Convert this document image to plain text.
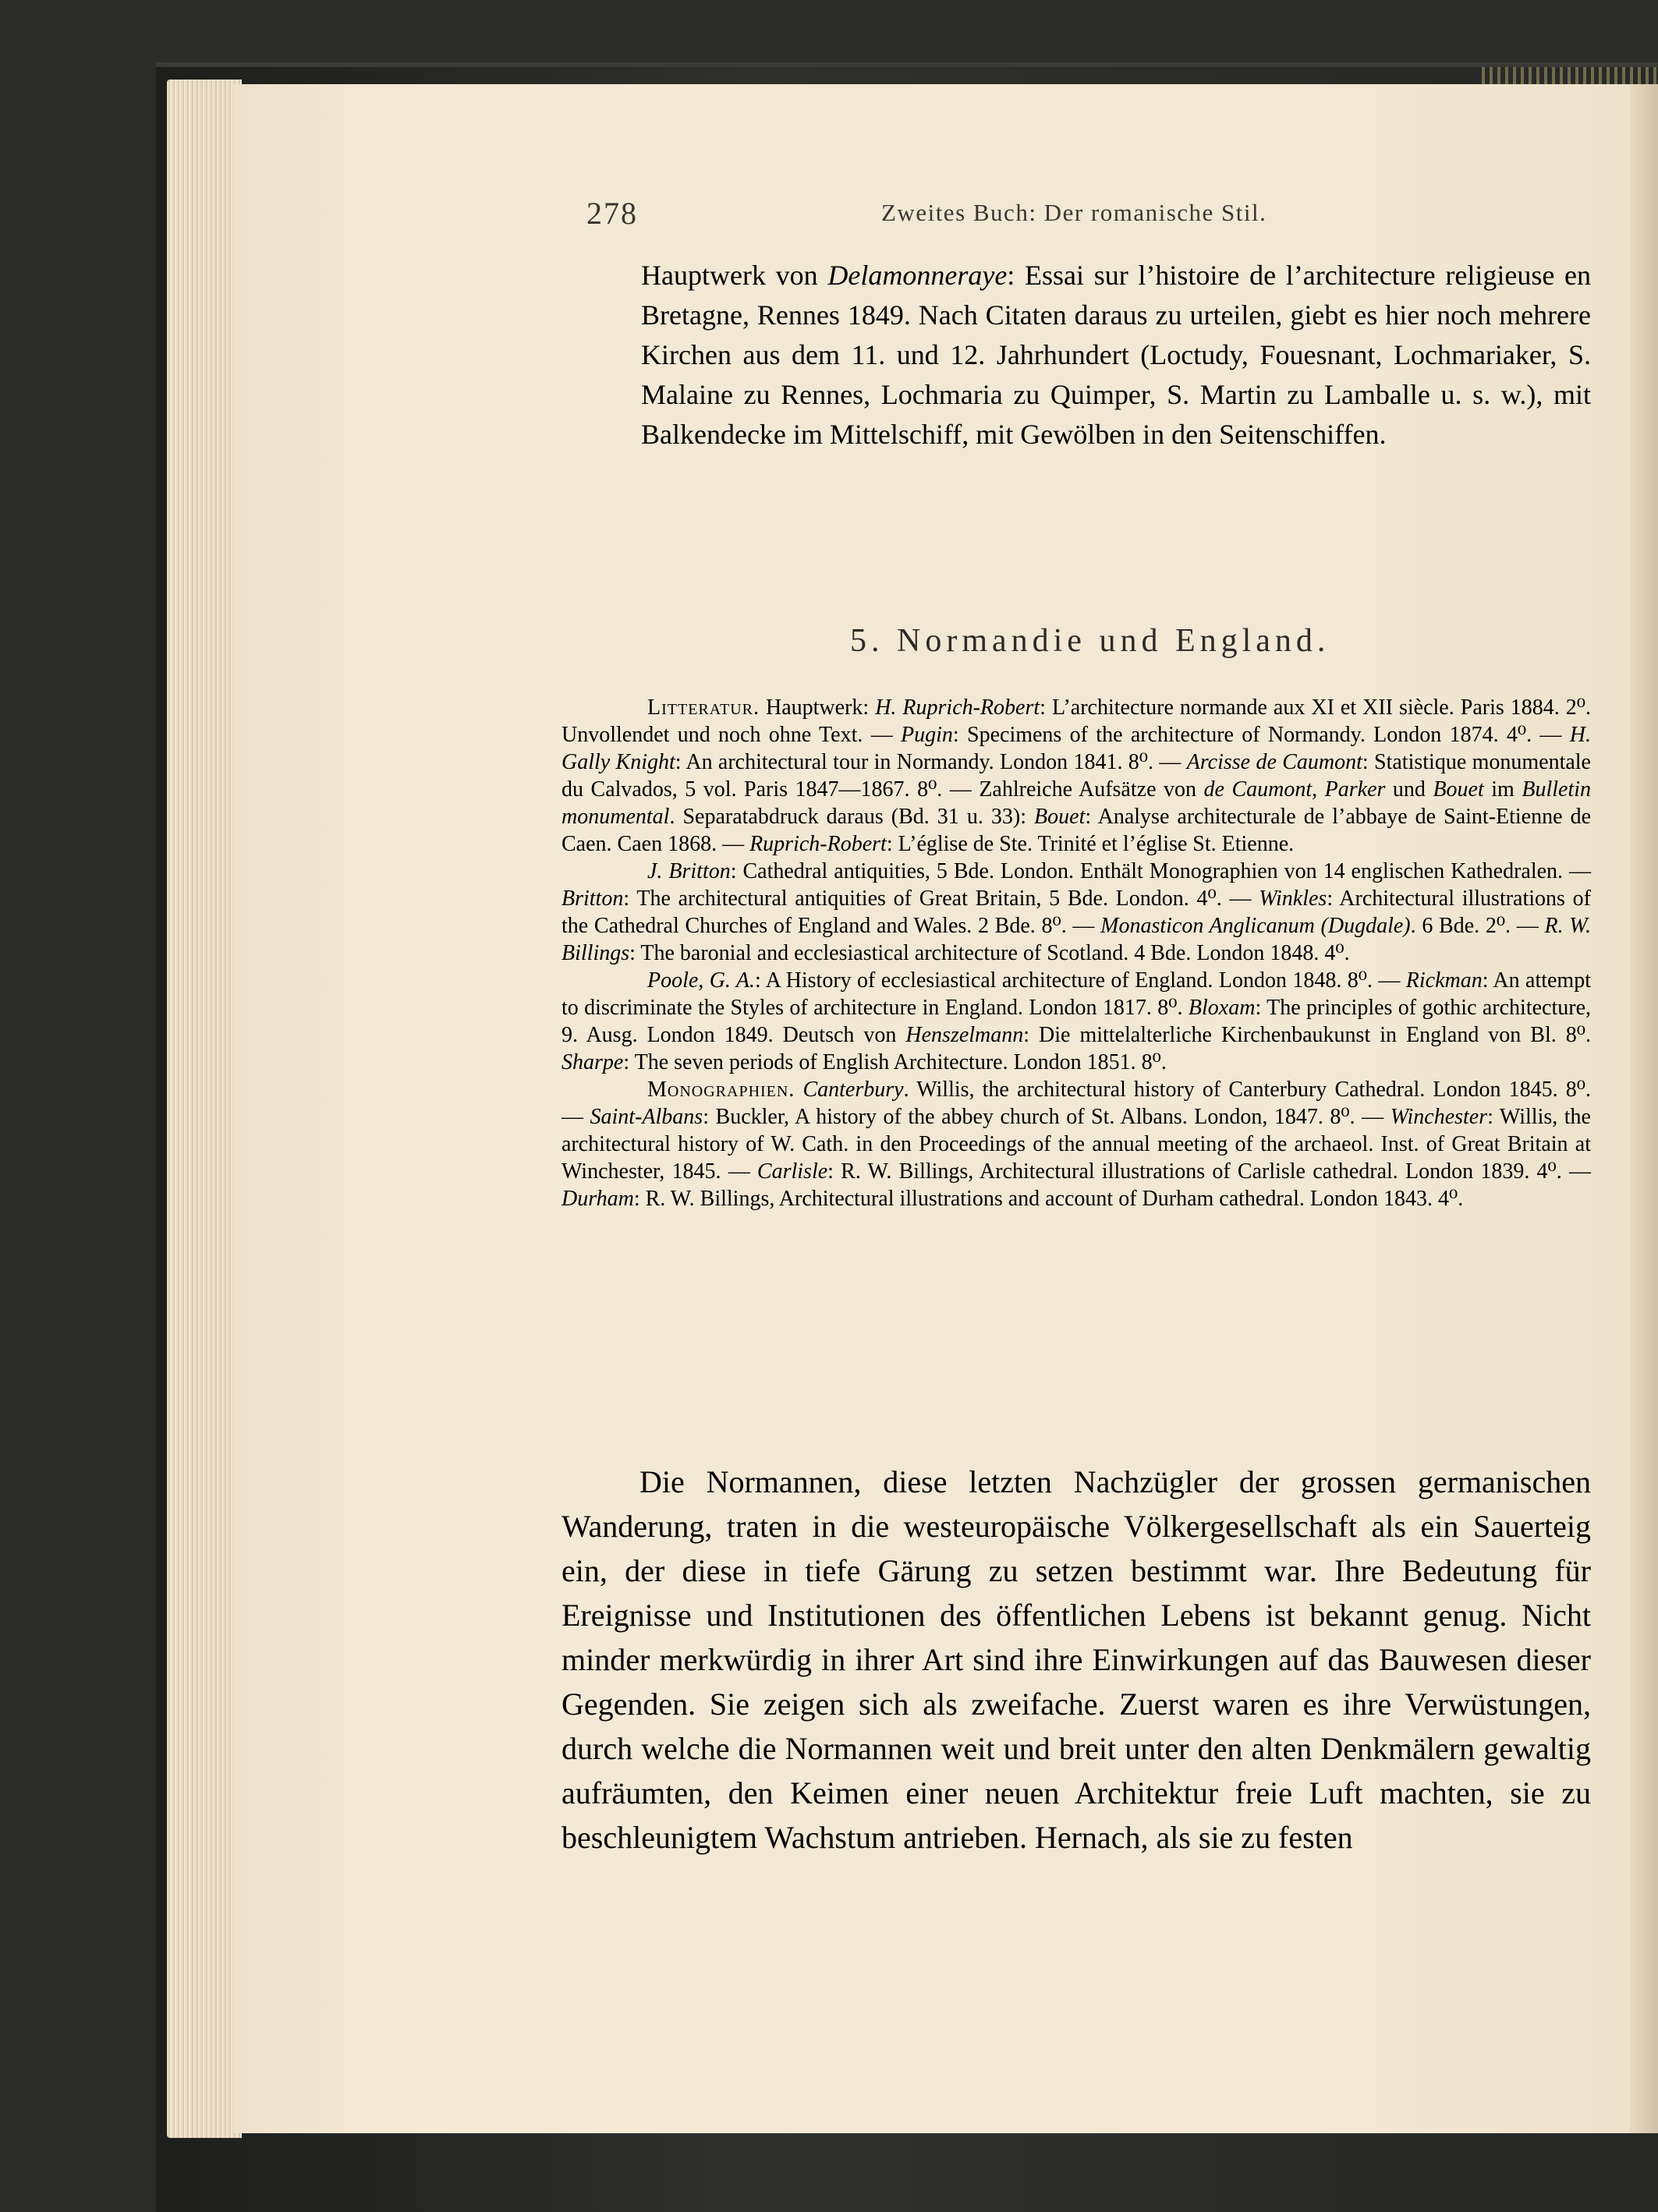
278	Zweites Buch: Der romanische Stil.
Hauptwerk von Delamonneraye: Essai sur l’histoire de l’architecture religieuse en Bretagne, Rennes 1849. Nach Citaten daraus zu urteilen, giebt es hier noch mehrere Kirchen aus dem 11. und 12. Jahrhundert (Loctudy, Fouesnant, Lochmariaker, S. Malaine zu Rennes, Lochmaria zu Quimper, S. Martin zu Lamballe u. s. w.), mit Balkendecke im Mittelschiff, mit Gewölben in den Seitenschiffen.
5. Normandie und England.

Litteratur. Hauptwerk: H. Ruprich-Robert: L’architecture normande aux XI et XII siècle. Paris 1884. 2⁰. Unvollendet und noch ohne Text. — Pugin: Specimens of the architecture of Normandy. London 1874. 4⁰. — H. Gally Knight: An architectural tour in Normandy. London 1841. 8⁰. — Arcisse de Caumont: Statistique monumentale du Calvados, 5 vol. Paris 1847—1867. 8⁰. — Zahlreiche Aufsätze von de Caumont, Parker und Bouet im Bulletin monumental. Separatabdruck daraus (Bd. 31 u. 33): Bouet: Analyse architecturale de l’abbaye de Saint-Etienne de Caen. Caen 1868. — Ruprich-Robert: L’église de Ste. Trinité et l’église St. Etienne.

J. Britton: Cathedral antiquities, 5 Bde. London. Enthält Monographien von 14 englischen Kathedralen. — Britton: The architectural antiquities of Great Britain, 5 Bde. London. 4⁰. — Winkles: Architectural illustrations of the Cathedral Churches of England and Wales. 2 Bde. 8⁰. — Monasticon Anglicanum (Dugdale). 6 Bde. 2⁰. — R. W. Billings: The baronial and ecclesiastical architecture of Scotland. 4 Bde. London 1848. 4⁰.

Poole, G. A.: A History of ecclesiastical architecture of England. London 1848. 8⁰. — Rickman: An attempt to discriminate the Styles of architecture in England. London 1817. 8⁰. Bloxam: The principles of gothic architecture, 9. Ausg. London 1849. Deutsch von Henszelmann: Die mittelalterliche Kirchenbaukunst in England von Bl. 8⁰. Sharpe: The seven periods of English Architecture. London 1851. 8⁰.

Monographien. Canterbury. Willis, the architectural history of Canterbury Cathedral. London 1845. 8⁰. — Saint-Albans: Buckler, A history of the abbey church of St. Albans. London, 1847. 8⁰. — Winchester: Willis, the architectural history of W. Cath. in den Proceedings of the annual meeting of the archaeol. Inst. of Great Britain at Winchester, 1845. — Carlisle: R. W. Billings, Architectural illustrations of Carlisle cathedral. London 1839. 4⁰. — Durham: R. W. Billings, Architectural illustrations and account of Durham cathedral. London 1843. 4⁰.

Die Normannen, diese letzten Nachzügler der grossen germanischen Wanderung, traten in die westeuropäische Völkergesellschaft als ein Sauerteig ein, der diese in tiefe Gärung zu setzen bestimmt war. Ihre Bedeutung für Ereignisse und Institutionen des öffentlichen Lebens ist bekannt genug. Nicht minder merkwürdig in ihrer Art sind ihre Einwirkungen auf das Bauwesen dieser Gegenden. Sie zeigen sich als zweifache. Zuerst waren es ihre Verwüstungen, durch welche die Normannen weit und breit unter den alten Denkmälern gewaltig aufräumten, den Keimen einer neuen Architektur freie Luft machten, sie zu beschleunigtem Wachstum antrieben. Hernach, als sie zu festen
